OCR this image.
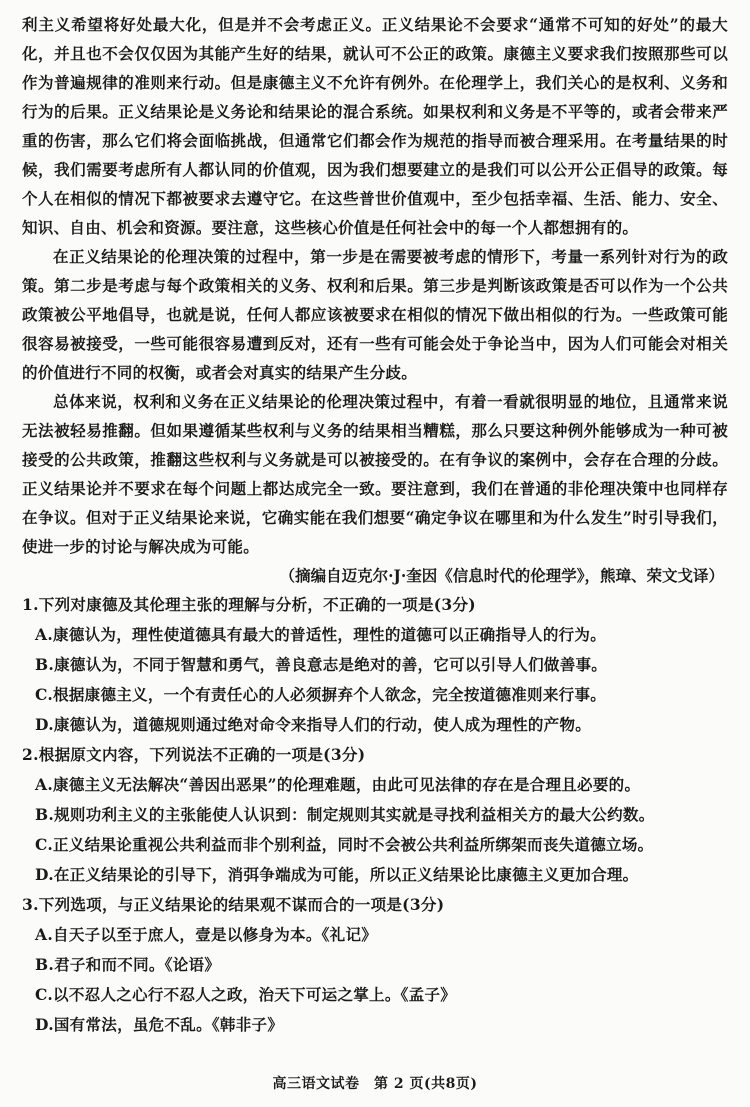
利主义希望将好处最大化，但是并不会考虑正义。正义结果论不会要求“通常不可知的好处”的最大化，并且也不会仅仅因为其能产生好的结果，就认可不公正的政策。康德主义要求我们按照那些可以作为普遍规律的准则来行动。但是康德主义不允许有例外。在伦理学上，我们关心的是权利、义务和行为的后果。正义结果论是义务论和结果论的混合系统。如果权利和义务是不平等的，或者会带来严重的伤害，那么它们将会面临挑战，但通常它们都会作为规范的指导而被合理采用。在考量结果的时候，我们需要考虑所有人都认同的价值观，因为我们想要建立的是我们可以公开公正倡导的政策。每个人在相似的情况下都被要求去遵守它。在这些普世价值观中，至少包括幸福、生活、能力、安全、知识、自由、机会和资源。要注意，这些核心价值是任何社会中的每一个人都想拥有的。

在正义结果论的伦理决策的过程中，第一步是在需要被考虑的情形下，考量一系列针对行为的政策。第二步是考虑与每个政策相关的义务、权利和后果。第三步是判断该政策是否可以作为一个公共政策被公平地倡导，也就是说，任何人都应该被要求在相似的情况下做出相似的行为。一些政策可能很容易被接受，一些可能很容易遭到反对，还有一些有可能会处于争论当中，因为人们可能会对相关的价值进行不同的权衡，或者会对真实的结果产生分歧。

总体来说，权利和义务在正义结果论的伦理决策过程中，有着一看就很明显的地位，且通常来说无法被轻易推翻。但如果遵循某些权利与义务的结果相当糟糕，那么只要这种例外能够成为一种可被接受的公共政策，推翻这些权利与义务就是可以被接受的。在有争议的案例中，会存在合理的分歧。正义结果论并不要求在每个问题上都达成完全一致。要注意到，我们在普通的非伦理决策中也同样存在争议。但对于正义结果论来说，它确实能在我们想要“确定争议在哪里和为什么发生”时引导我们，使进一步的讨论与解决成为可能。

（摘编自迈克尔·J·奎因《信息时代的伦理学》，熊璋、荣文戈译）

1.下列对康德及其伦理主张的理解与分析，不正确的一项是(3分)

A.康德认为，理性使道德具有最大的普适性，理性的道德可以正确指导人的行为。

B.康德认为，不同于智慧和勇气，善良意志是绝对的善，它可以引导人们做善事。

C.根据康德主义，一个有责任心的人必须摒弃个人欲念，完全按道德准则来行事。

D.康德认为，道德规则通过绝对命令来指导人们的行动，使人成为理性的产物。

2.根据原文内容，下列说法不正确的一项是(3分)

A.康德主义无法解决“善因出恶果”的伦理难题，由此可见法律的存在是合理且必要的。

B.规则功利主义的主张能使人认识到：制定规则其实就是寻找利益相关方的最大公约数。

C.正义结果论重视公共利益而非个别利益，同时不会被公共利益所绑架而丧失道德立场。

D.在正义结果论的引导下，消弭争端成为可能，所以正义结果论比康德主义更加合理。

3.下列选项，与正义结果论的结果观不谋而合的一项是(3分)

A.自天子以至于庶人，壹是以修身为本。《礼记》

B.君子和而不同。《论语》

C.以不忍人之心行不忍人之政，治天下可运之掌上。《孟子》

D.国有常法，虽危不乱。《韩非子》

高三语文试卷　第 2 页(共8页)
